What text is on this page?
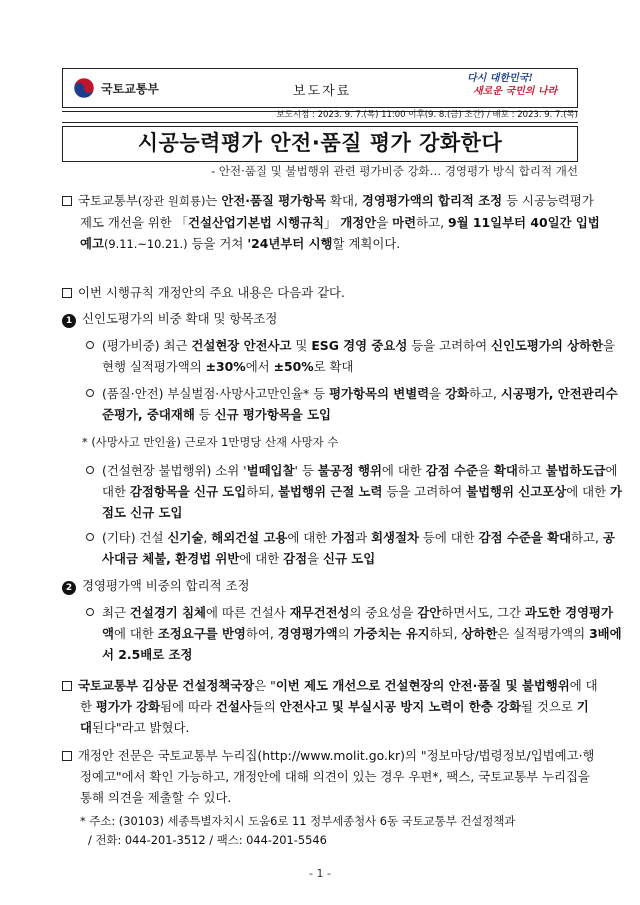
국토교통부	보도자료
다시 대한민국!
새로운 국민의 나라
보도시점 : 2023. 9. 7.(목) 11:00 이후(9. 8.(금) 조간) / 배포 : 2023. 9. 7.(목)
시공능력평가 안전·품질 평가 강화한다
- 안전·품질 및 불법행위 관련 평가비중 강화… 경영평가 방식 합리적 개선
국토교통부(장관 원희룡)는 안전·품질 평가항목 확대, 경영평가액의 합리적 조정 등 시공능력평가제도 개선을 위한 「건설산업기본법 시행규칙」 개정안을 마련하고, 9월 11일부터 40일간 입법예고(9.11.~10.21.) 등을 거쳐 '24년부터 시행할 계획이다.
이번 시행규칙 개정안의 주요 내용은 다음과 같다.
1 신인도평가의 비중 확대 및 항목조정
(평가비중) 최근 건설현장 안전사고 및 ESG 경영 중요성 등을 고려하여 신인도평가의 상하한을 현행 실적평가액의 ±30%에서 ±50%로 확대
(품질·안전) 부실벌점·사망사고만인율* 등 평가항목의 변별력을 강화하고, 시공평가, 안전관리수준평가, 중대재해 등 신규 평가항목을 도입
* (사망사고 만인율) 근로자 1만명당 산재 사망자 수
(건설현장 불법행위) 소위 '벌떼입찰' 등 불공정 행위에 대한 감점 수준을 확대하고 불법하도급에 대한 감점항목을 신규 도입하되, 불법행위 근절 노력 등을 고려하여 불법행위 신고포상에 대한 가점도 신규 도입
(기타) 건설 신기술, 해외건설 고용에 대한 가점과 회생절차 등에 대한 감점 수준을 확대하고, 공사대금 체불, 환경법 위반에 대한 감점을 신규 도입
2 경영평가액 비중의 합리적 조정
최근 건설경기 침체에 따른 건설사 재무건전성의 중요성을 감안하면서도, 그간 과도한 경영평가액에 대한 조정요구를 반영하여, 경영평가액의 가중치는 유지하되, 상하한은 실적평가액의 3배에서 2.5배로 조정
국토교통부 김상문 건설정책국장은 "이번 제도 개선으로 건설현장의 안전·품질 및 불법행위에 대한 평가가 강화됨에 따라 건설사들의 안전사고 및 부실시공 방지 노력이 한층 강화될 것으로 기대된다"라고 밝혔다.
개정안 전문은 국토교통부 누리집(http://www.molit.go.kr)의 "정보마당/법령정보/입법예고·행정예고"에서 확인 가능하고, 개정안에 대해 의견이 있는 경우 우편*, 팩스, 국토교통부 누리집을 통해 의견을 제출할 수 있다.
* 주소: (30103) 세종특별자치시 도움6로 11 정부세종청사 6동 국토교통부 건설정책과
/ 전화: 044-201-3512 / 팩스: 044-201-5546
- 1 -
